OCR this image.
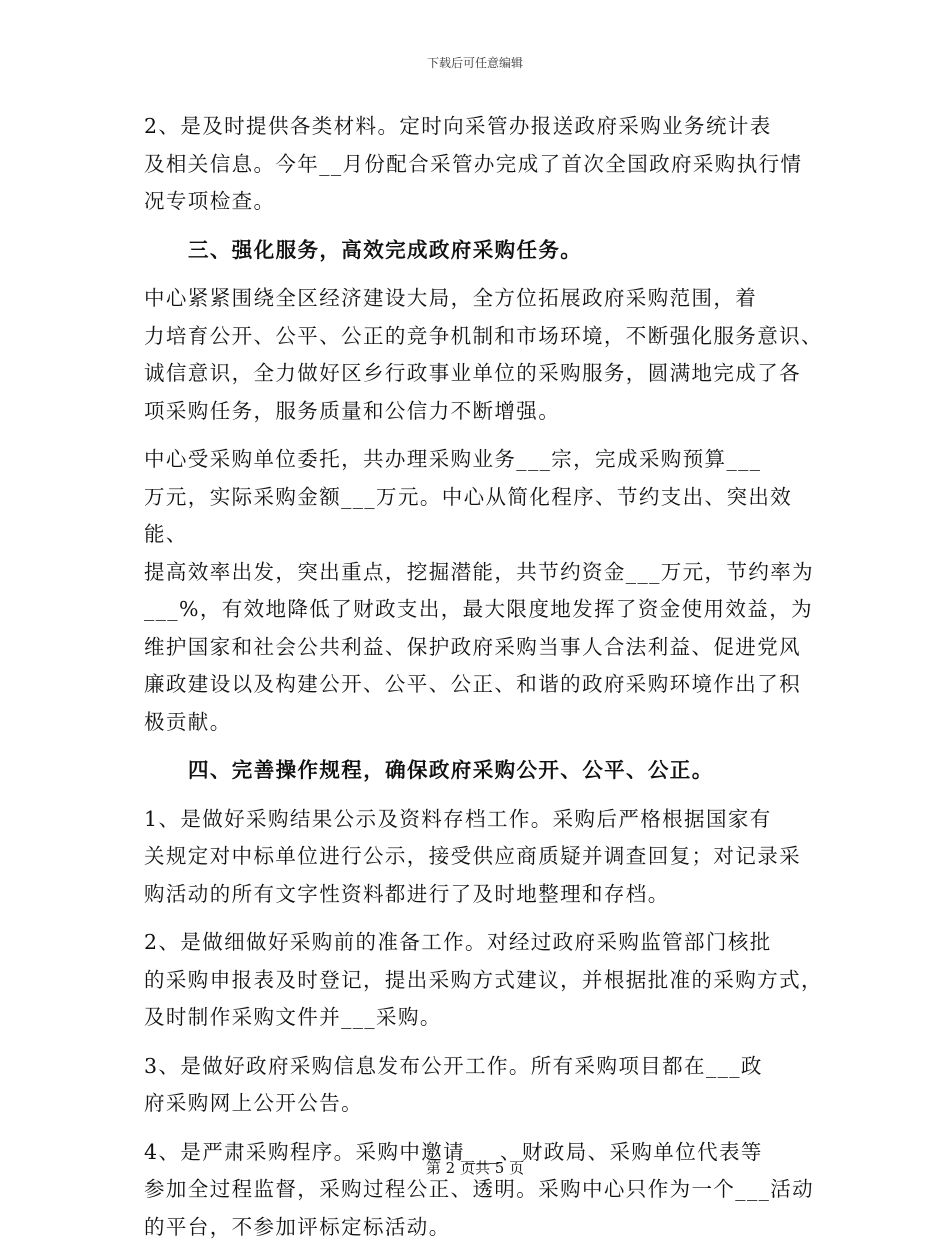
下载后可任意编辑
2、是及时提供各类材料。定时向采管办报送政府采购业务统计表
及相关信息。今年__月份配合采管办完成了首次全国政府采购执行情
况专项检查。
三、强化服务，高效完成政府采购任务。
中心紧紧围绕全区经济建设大局，全方位拓展政府采购范围，着
力培育公开、公平、公正的竞争机制和市场环境，不断强化服务意识、
诚信意识，全力做好区乡行政事业单位的采购服务，圆满地完成了各
项采购任务，服务质量和公信力不断增强。
中心受采购单位委托，共办理采购业务___宗，完成采购预算___
万元，实际采购金额___万元。中心从简化程序、节约支出、突出效能、
提高效率出发，突出重点，挖掘潜能，共节约资金___万元，节约率为
___%，有效地降低了财政支出，最大限度地发挥了资金使用效益，为
维护国家和社会公共利益、保护政府采购当事人合法利益、促进党风
廉政建设以及构建公开、公平、公正、和谐的政府采购环境作出了积
极贡献。
四、完善操作规程，确保政府采购公开、公平、公正。
1、是做好采购结果公示及资料存档工作。采购后严格根据国家有
关规定对中标单位进行公示，接受供应商质疑并调查回复；对记录采
购活动的所有文字性资料都进行了及时地整理和存档。
2、是做细做好采购前的准备工作。对经过政府采购监管部门核批
的采购申报表及时登记，提出采购方式建议，并根据批准的采购方式，
及时制作采购文件并___采购。
3、是做好政府采购信息发布公开工作。所有采购项目都在___政
府采购网上公开公告。
4、是严肃采购程序。采购中邀请___、财政局、采购单位代表等
参加全过程监督，采购过程公正、透明。采购中心只作为一个___活动
的平台，不参加评标定标活动。
第 2 页共 5 页
